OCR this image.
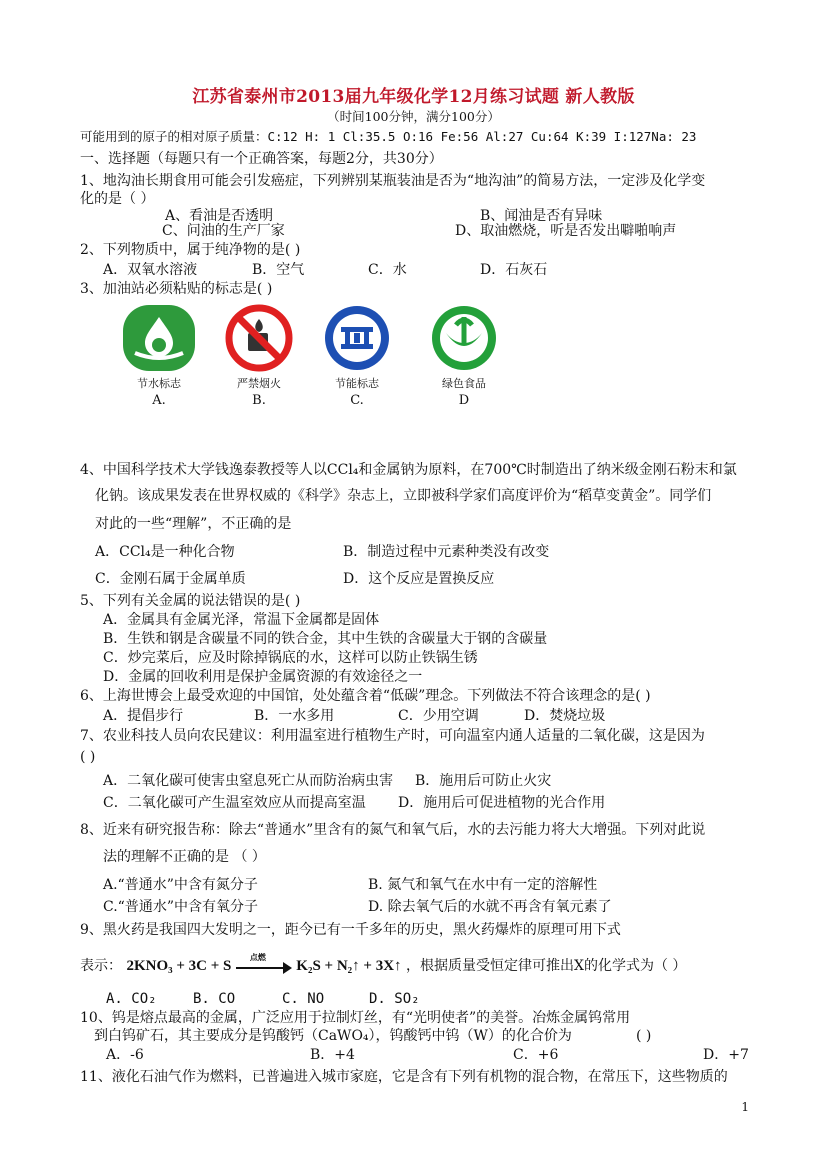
江苏省泰州市2013届九年级化学12月练习试题 新人教版
（时间100分钟，满分100分）
可能用到的原子的相对原子质量：C:12 H: 1 Cl:35.5 O:16 Fe:56 Al:27 Cu:64 K:39 I:127Na: 23
一、选择题（每题只有一个正确答案，每题2分，共30分）
1、地沟油长期食用可能会引发癌症，下列辨别某瓶装油是否为“地沟油”的简易方法，一定涉及化学变
化的是（ ）
A、看油是否透明	B、闻油是否有异味
C、问油的生产厂家	D、取油燃烧，听是否发出噼啪响声
2、下列物质中，属于纯净物的是( )
A．双氧水溶液	B．空气	C．水	D．石灰石
3、加油站必须粘贴的标志是( )
节水标志
A.
严禁烟火
B.
节能标志
C.
绿色食品
D
4、中国科学技术大学钱逸泰教授等人以CCl₄和金属钠为原料，在700℃时制造出了纳米级金刚石粉末和氯
化钠。该成果发表在世界权威的《科学》杂志上，立即被科学家们高度评价为“稻草变黄金”。同学们
对此的一些“理解”，不正确的是
A．CCl₄是一种化合物	B．制造过程中元素种类没有改变
C．金刚石属于金属单质	D．这个反应是置换反应
5、下列有关金属的说法错误的是( )
A．金属具有金属光泽，常温下金属都是固体
B．生铁和钢是含碳量不同的铁合金，其中生铁的含碳量大于钢的含碳量
C．炒完菜后，应及时除掉锅底的水，这样可以防止铁锅生锈
D．金属的回收利用是保护金属资源的有效途径之一
6、上海世博会上最受欢迎的中国馆，处处蕴含着“低碳”理念。下列做法不符合该理念的是( )
A．提倡步行	B．一水多用	C．少用空调	D．焚烧垃圾
7、农业科技人员向农民建议：利用温室进行植物生产时，可向温室内通人适量的二氧化碳，这是因为
( )
A．二氧化碳可使害虫窒息死亡从而防治病虫害 B．施用后可防止火灾
C．二氧化碳可产生温室效应从而提高室温 D．施用后可促进植物的光合作用
8、近来有研究报告称：除去“普通水”里含有的氮气和氧气后，水的去污能力将大大增强。下列对此说
法的理解不正确的是 （ ）
A.“普通水”中含有氮分子	B. 氮气和氧气在水中有一定的溶解性
C.“普通水”中含有氧分子	D. 除去氧气后的水就不再含有氧元素了
9、黑火药是我国四大发明之一，距今已有一千多年的历史，黑火药爆炸的原理可用下式
表示： 2KNO₃ + 3C + S
点燃
K₂S + N₂↑ + 3X↑ ，根据质量受恒定律可推出X的化学式为（ ）
A. CO₂	B. CO	C. NO	D. SO₂
10、钨是熔点最高的金属，广泛应用于拉制灯丝，有“光明使者”的美誉。冶炼金属钨常用
到白钨矿石，其主要成分是钨酸钙（CaWO₄），钨酸钙中钨（W）的化合价为	( )
A．-6	B．+4	C．+6	D．+7
11、液化石油气作为燃料，已普遍进入城市家庭，它是含有下列有机物的混合物，在常压下，这些物质的
1
